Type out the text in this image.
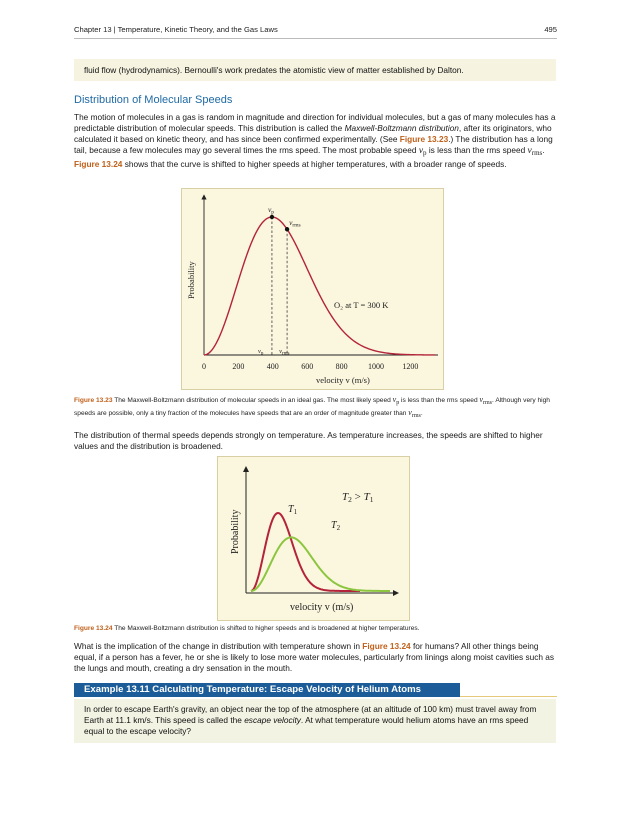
Chapter 13 | Temperature, Kinetic Theory, and the Gas Laws	495
fluid flow (hydrodynamics). Bernoulli's work predates the atomistic view of matter established by Dalton.
Distribution of Molecular Speeds

The motion of molecules in a gas is random in magnitude and direction for individual molecules, but a gas of many molecules has a predictable distribution of molecular speeds. This distribution is called the Maxwell-Boltzmann distribution, after its originators, who calculated it based on kinetic theory, and has since been confirmed experimentally. (See Figure 13.23.) The distribution has a long tail, because a few molecules may go several times the rms speed. The most probable speed $v_p$ is less than the rms speed $v_{rms}$. Figure 13.24 shows that the curve is shifted to higher speeds at higher temperatures, with a broader range of speeds.

Probability
0	200	400	600	800	1000 1200
$v_p$
$v_{rms}$
$v_p$ $v_{rms}$
O₂ at T = 300 K
velocity v (m/s)
Figure 13.23 The Maxwell-Boltzmann distribution of molecular speeds in an ideal gas. The most likely speed $v_p$ is less than the rms speed $v_{rms}$. Although very high speeds are possible, only a tiny fraction of the molecules have speeds that are an order of magnitude greater than $v_{rms}$.

The distribution of thermal speeds depends strongly on temperature. As temperature increases, the speeds are shifted to higher values and the distribution is broadened.

Probability
$T_1$
$T_2$
T2 > T1
velocity v (m/s)
Figure 13.24 The Maxwell-Boltzmann distribution is shifted to higher speeds and is broadened at higher temperatures.

What is the implication of the change in distribution with temperature shown in Figure 13.24 for humans? All other things being equal, if a person has a fever, he or she is likely to lose more water molecules, particularly from linings along moist cavities such as the lungs and mouth, creating a dry sensation in the mouth.

Example 13.11 Calculating Temperature: Escape Velocity of Helium Atoms
In order to escape Earth's gravity, an object near the top of the atmosphere (at an altitude of 100 km) must travel away from Earth at 11.1 km/s. This speed is called the escape velocity. At what temperature would helium atoms have an rms speed equal to the escape velocity?
